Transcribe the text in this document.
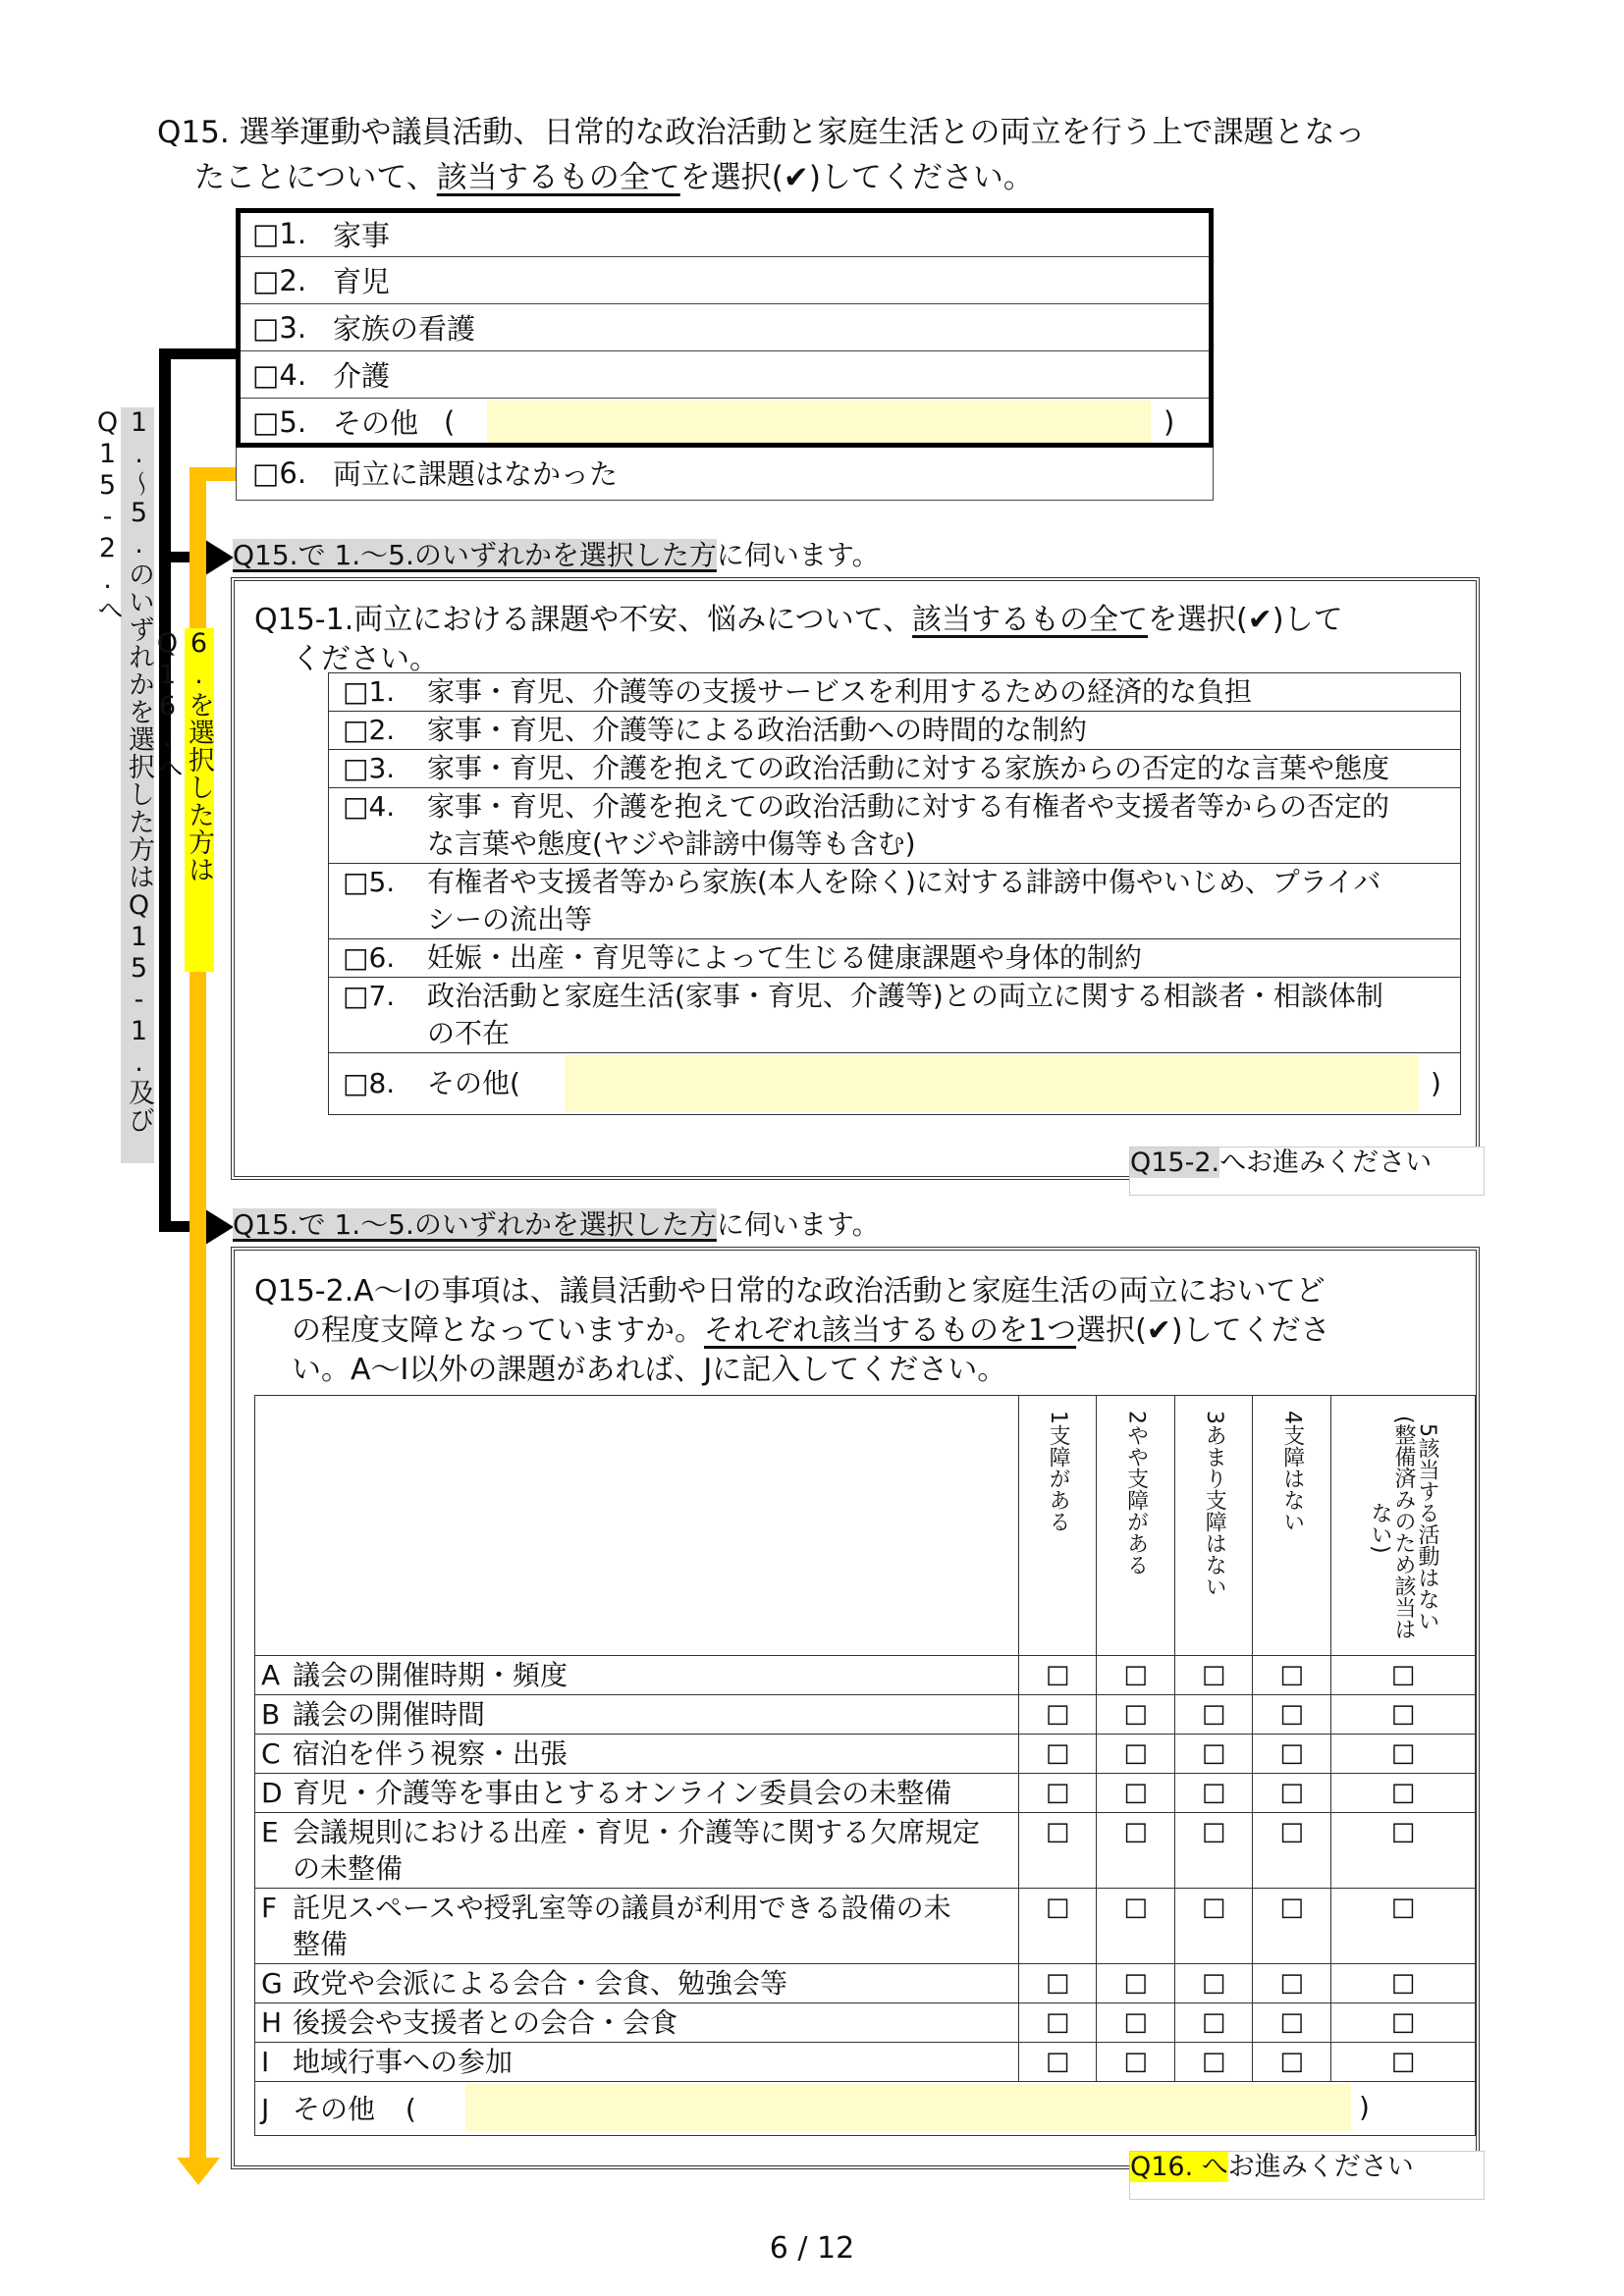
Q15. 選挙運動や議員活動、日常的な政治活動と家庭生活との両立を行う上で課題となっ
たことについて、該当するもの全てを選択(✔)してください。
□1. 家事
□2. 育児
□3. 家族の看護
□4. 介護
□5. その他 (	)
□6. 両立に課題はなかった
1.～5.のいずれかを選択した方はQ15-1.及びQ15-2.へ
6.を選択した方はQ16.へ
Q15.で 1.～5.のいずれかを選択した方に伺います。
Q15-1.両立における課題や不安、悩みについて、該当するもの全てを選択(✔)して
ください。
□1. 家事・育児、介護等の支援サービスを利用するための経済的な負担
□2. 家事・育児、介護等による政治活動への時間的な制約
□3. 家事・育児、介護を抱えての政治活動に対する家族からの否定的な言葉や態度
□4. 家事・育児、介護を抱えての政治活動に対する有権者や支援者等からの否定的
な言葉や態度(ヤジや誹謗中傷等も含む)

□5. 有権者や支援者等から家族(本人を除く)に対する誹謗中傷やいじめ、プライバ
シーの流出等

□6. 妊娠・出産・育児等によって生じる健康課題や身体的制約
□7. 政治活動と家庭生活(家事・育児、介護等)との両立に関する相談者・相談体制
の不在

□8. その他(	)
Q15-2.へお進みください
Q15.で 1.～5.のいずれかを選択した方に伺います。
Q15-2.A～Ⅰの事項は、議員活動や日常的な政治活動と家庭生活の両立においてど
の程度支障となっていますか。それぞれ該当するものを1つ選択(✔)してくださ
い。A～Ⅰ以外の課題があれば、Jに記入してください。

	1支障がある	2やや支障がある	3あまり支障はない	4支障はない	5該当する活動はない(整備済みのため該当はない)

A 議会の開催時期・頻度	□	□	□	□	□
B 議会の開催時間	□	□	□	□	□
C 宿泊を伴う視察・出張	□	□	□	□	□
D 育児・介護等を事由とするオンライン委員会の未整備	□	□	□	□	□
E 会議規則における出産・育児・介護等に関する欠席規定
の未整備	□	□	□	□	□
F 託児スペースや授乳室等の議員が利用できる設備の未
整備	□	□	□	□	□
G 政党や会派による会合・会食、勉強会等	□	□	□	□	□
H 後援会や支援者との会合・会食	□	□	□	□	□
Ⅰ 地域行事への参加	□	□	□	□	□
J その他 ( )					
Q16. へお進みください
6 / 12
